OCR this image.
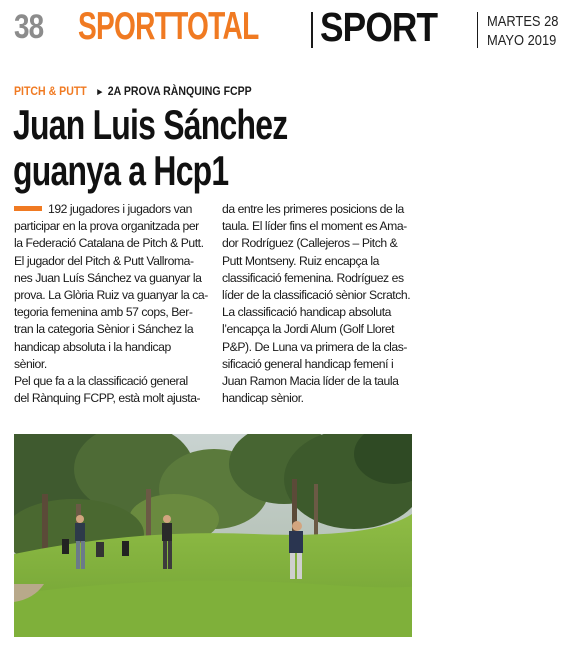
38 SPORTTOTAL SPORT	MARTES 28
MAYO 2019
PITCH & PUTT ► 2A PROVA RÀNQUING FCPP
Juan Luis Sánchez
guanya a Hcp1

192 jugadores i jugadors van

participar en la prova organitzada per

la Federació Catalana de Pitch & Putt.

El jugador del Pitch & Putt Vallroma-

nes Juan Luís Sánchez va guanyar la

prova. La Glòria Ruiz va guanyar la ca-

tegoria femenina amb 57 cops, Ber-

tran la categoria Sènior i Sánchez la

handicap absoluta i la handicap

sènior.

Pel que fa a la classificació general

del Rànquing FCPP, està molt ajusta-

da entre les primeres posicions de la

taula. El líder fins el moment es Ama-

dor Rodríguez (Callejeros – Pitch &

Putt Montseny. Ruiz encapça la

classificació femenina. Rodríguez es

líder de la classificació sènior Scratch.

La classificació handicap absoluta

l’encapça la Jordi Alum (Golf Lloret

P&P). De Luna va primera de la clas-

sificació general handicap femení i

Juan Ramon Macia líder de la taula

handicap sènior.
